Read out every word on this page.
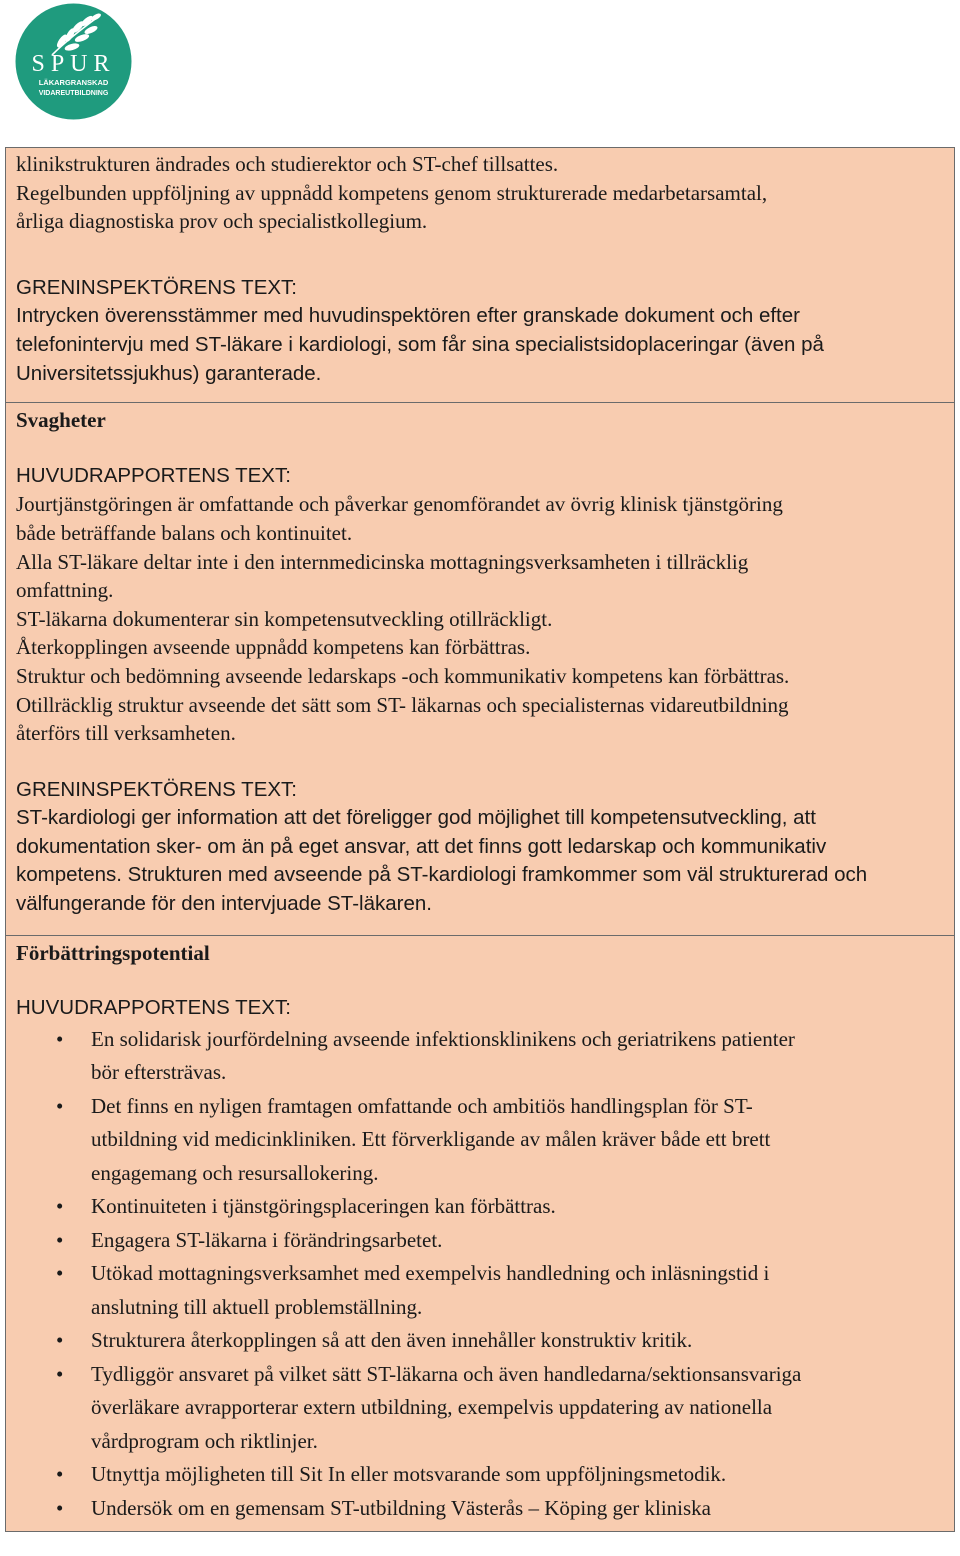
SPUR
LÄKARGRANSKAD
VIDAREUTBILDNING

klinikstrukturen ändrades och studierektor och ST-chef tillsattes.

Regelbunden uppföljning av uppnådd kompetens genom strukturerade medarbetarsamtal,

årliga diagnostiska prov och specialistkollegium.

GRENINSPEKTÖRENS TEXT:

Intrycken överensstämmer med huvudinspektören efter granskade dokument och efter

telefonintervju med ST-läkare i kardiologi, som får sina specialistsidoplaceringar (även på

Universitetssjukhus) garanterade.

Svagheter

HUVUDRAPPORTENS TEXT:

Jourtjänstgöringen är omfattande och påverkar genomförandet av övrig klinisk tjänstgöring

både beträffande balans och kontinuitet.

Alla ST-läkare deltar inte i den internmedicinska mottagningsverksamheten i tillräcklig

omfattning.

ST-läkarna dokumenterar sin kompetensutveckling otillräckligt.

Återkopplingen avseende uppnådd kompetens kan förbättras.

Struktur och bedömning avseende ledarskaps -och kommunikativ kompetens kan förbättras.

Otillräcklig struktur avseende det sätt som ST- läkarnas och specialisternas vidareutbildning

återförs till verksamheten.

GRENINSPEKTÖRENS TEXT:

ST-kardiologi ger information att det föreligger god möjlighet till kompetensutveckling, att

dokumentation sker- om än på eget ansvar, att det finns gott ledarskap och kommunikativ

kompetens. Strukturen med avseende på ST-kardiologi framkommer som väl strukturerad och

välfungerande för den intervjuade ST-läkaren.

Förbättringspotential

HUVUDRAPPORTENS TEXT:

• En solidarisk jourfördelning avseende infektionsklinikens och geriatrikens patienter
bör eftersträvas.
• Det finns en nyligen framtagen omfattande och ambitiös handlingsplan för ST-
utbildning vid medicinkliniken. Ett förverkligande av målen kräver både ett brett
engagemang och resursallokering.
• Kontinuiteten i tjänstgöringsplaceringen kan förbättras.
• Engagera ST-läkarna i förändringsarbetet.
• Utökad mottagningsverksamhet med exempelvis handledning och inläsningstid i
anslutning till aktuell problemställning.
• Strukturera återkopplingen så att den även innehåller konstruktiv kritik.
• Tydliggör ansvaret på vilket sätt ST-läkarna och även handledarna/sektionsansvariga
överläkare avrapporterar extern utbildning, exempelvis uppdatering av nationella
vårdprogram och riktlinjer.
• Utnyttja möjligheten till Sit In eller motsvarande som uppföljningsmetodik.
• Undersök om en gemensam ST-utbildning Västerås – Köping ger kliniska
